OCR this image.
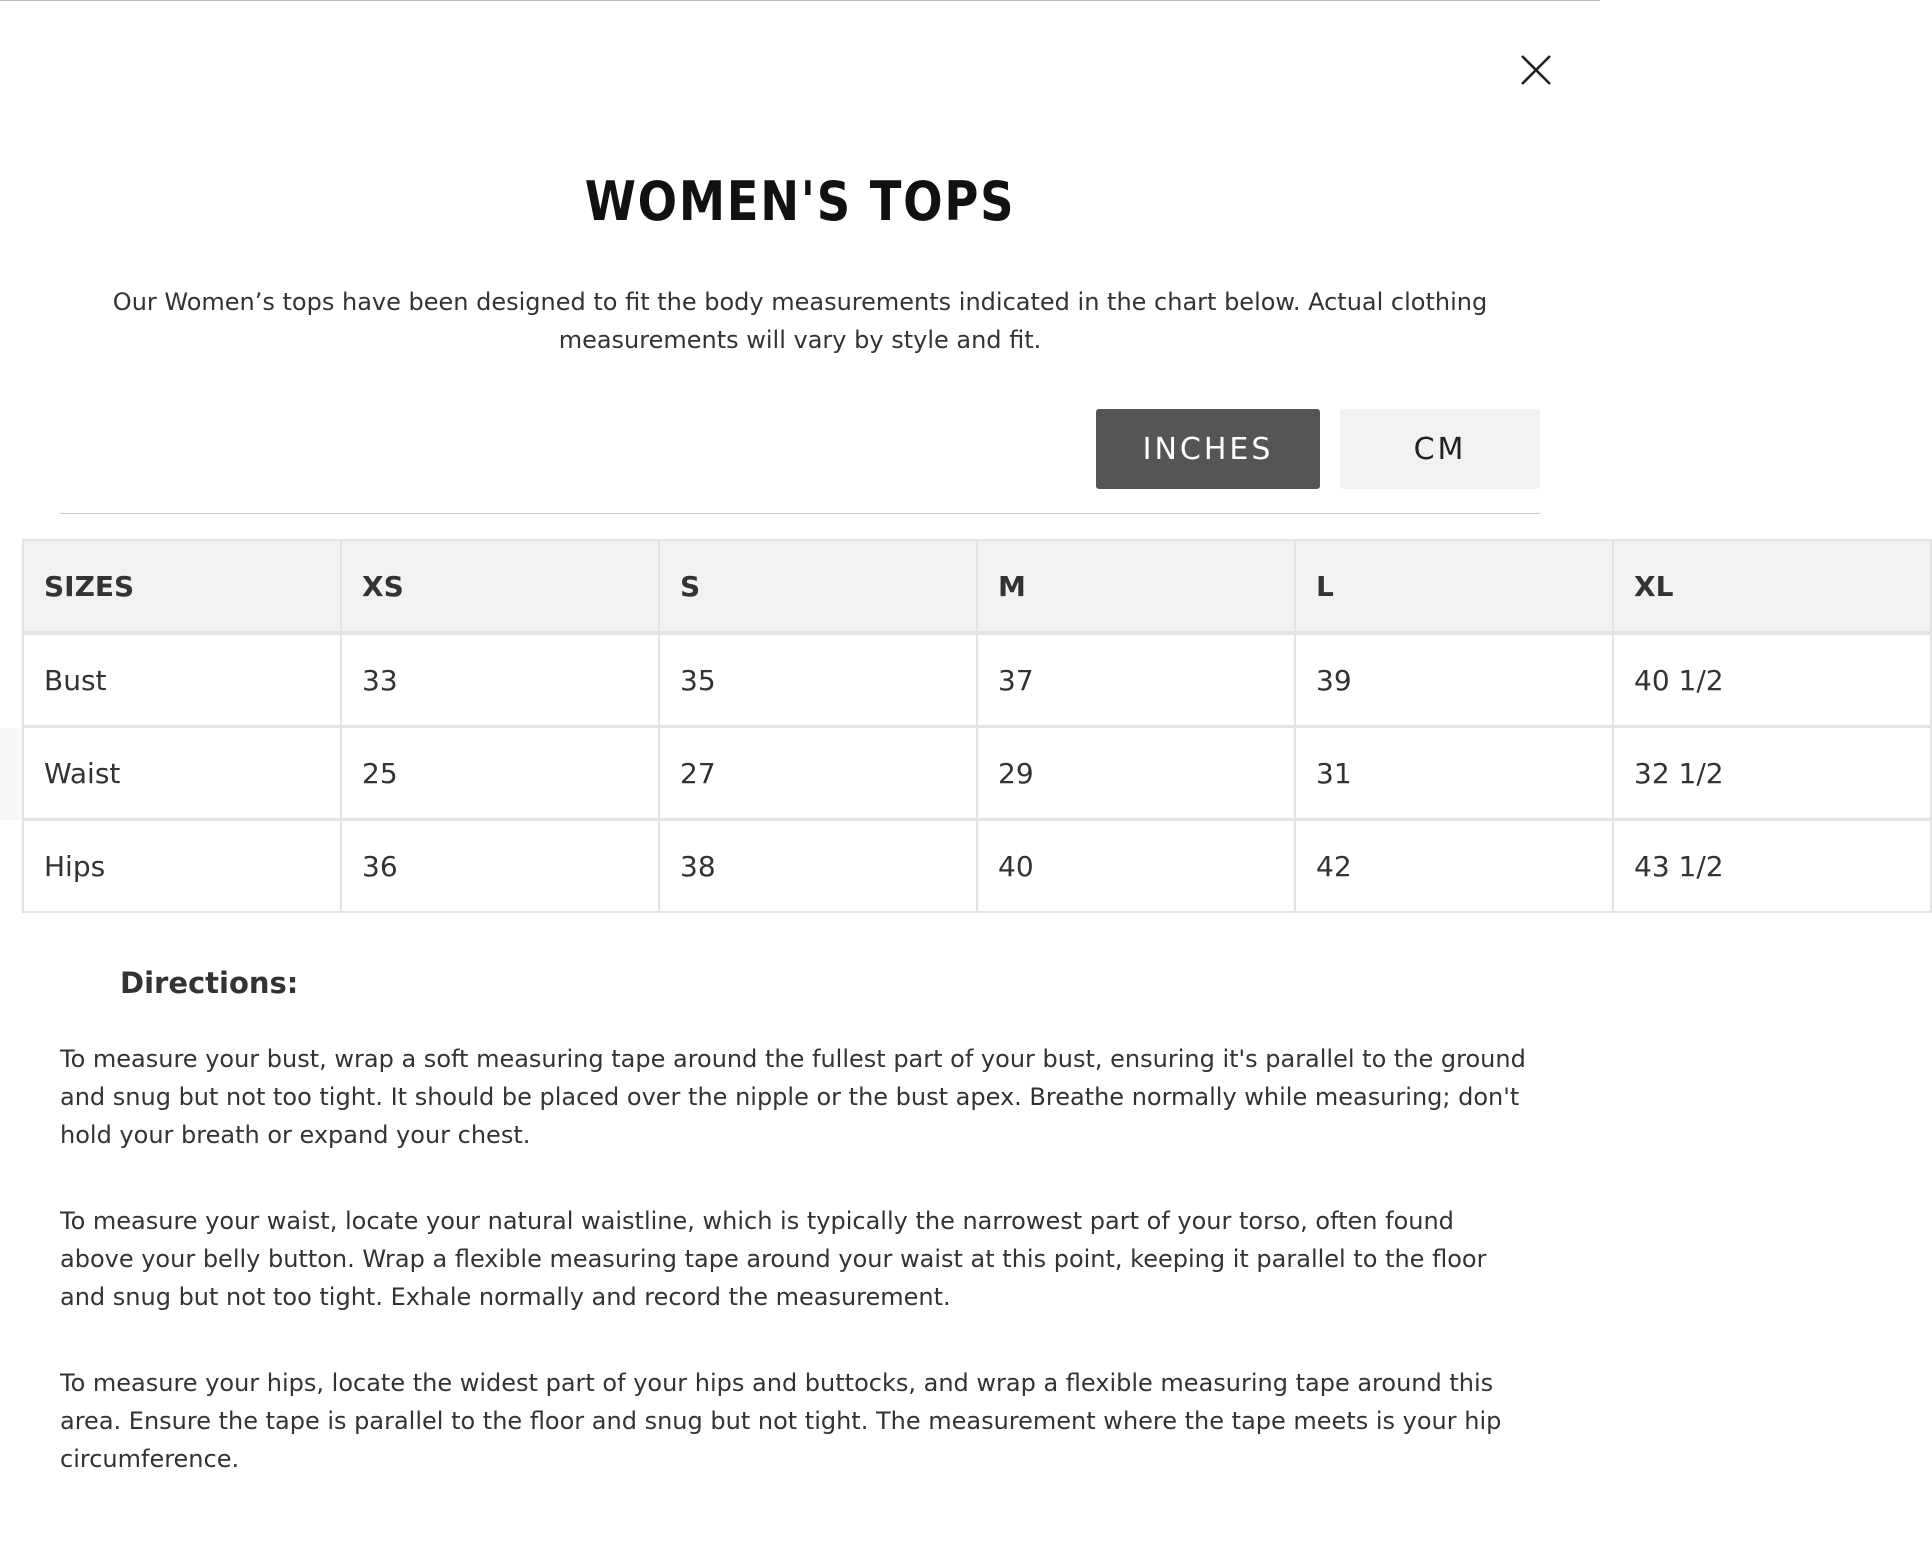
WOMEN'S TOPS
Our Women’s tops have been designed to fit the body measurements indicated in the chart below. Actual clothing measurements will vary by style and fit.
INCHES	CM
SIZES	XS	S	M	L	XL
Bust	33	35	37	39	40 1/2
Waist	25	27	29	31	32 1/2
Hips	36	38	40	42	43 1/2
Directions:
To measure your bust, wrap a soft measuring tape around the fullest part of your bust, ensuring it's parallel to the ground and snug but not too tight. It should be placed over the nipple or the bust apex. Breathe normally while measuring; don't hold your breath or expand your chest.
To measure your waist, locate your natural waistline, which is typically the narrowest part of your torso, often found above your belly button. Wrap a flexible measuring tape around your waist at this point, keeping it parallel to the floor and snug but not too tight. Exhale normally and record the measurement.
To measure your hips, locate the widest part of your hips and buttocks, and wrap a flexible measuring tape around this area. Ensure the tape is parallel to the floor and snug but not tight. The measurement where the tape meets is your hip circumference.
